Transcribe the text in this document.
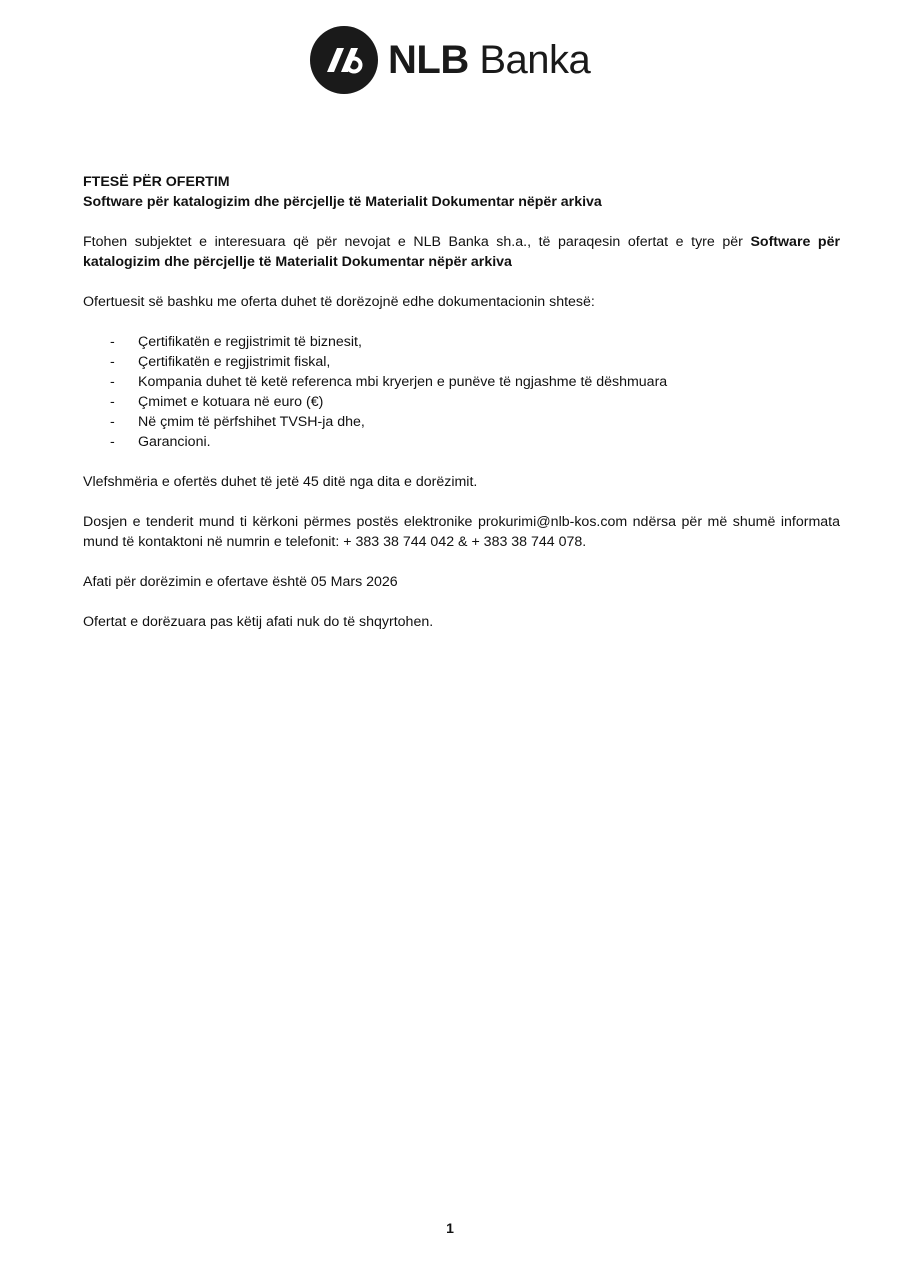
NLB Banka

FTESË PËR OFERTIM

Software për katalogizim dhe përcjellje të Materialit Dokumentar nëpër arkiva

Ftohen subjektet e interesuara që për nevojat e NLB Banka sh.a., të paraqesin ofertat e tyre për Software për katalogizim dhe përcjellje të Materialit Dokumentar nëpër arkiva

Ofertuesit së bashku me oferta duhet të dorëzojnë edhe dokumentacionin shtesë:

- Çertifikatën e regjistrimit të biznesit,
- Çertifikatën e regjistrimit fiskal,
- Kompania duhet të ketë referenca mbi kryerjen e punëve të ngjashme të dëshmuara
- Çmimet e kotuara në euro (€)
- Në çmim të përfshihet TVSH-ja dhe,
- Garancioni.

Vlefshmëria e ofertës duhet të jetë 45 ditë nga dita e dorëzimit.

Dosjen e tenderit mund ti kërkoni përmes postës elektronike prokurimi@nlb-kos.com ndërsa për më shumë informata mund të kontaktoni në numrin e telefonit: + 383 38 744 042 & + 383 38 744 078.

Afati për dorëzimin e ofertave është 05 Mars 2026

Ofertat e dorëzuara pas këtij afati nuk do të shqyrtohen.

1
